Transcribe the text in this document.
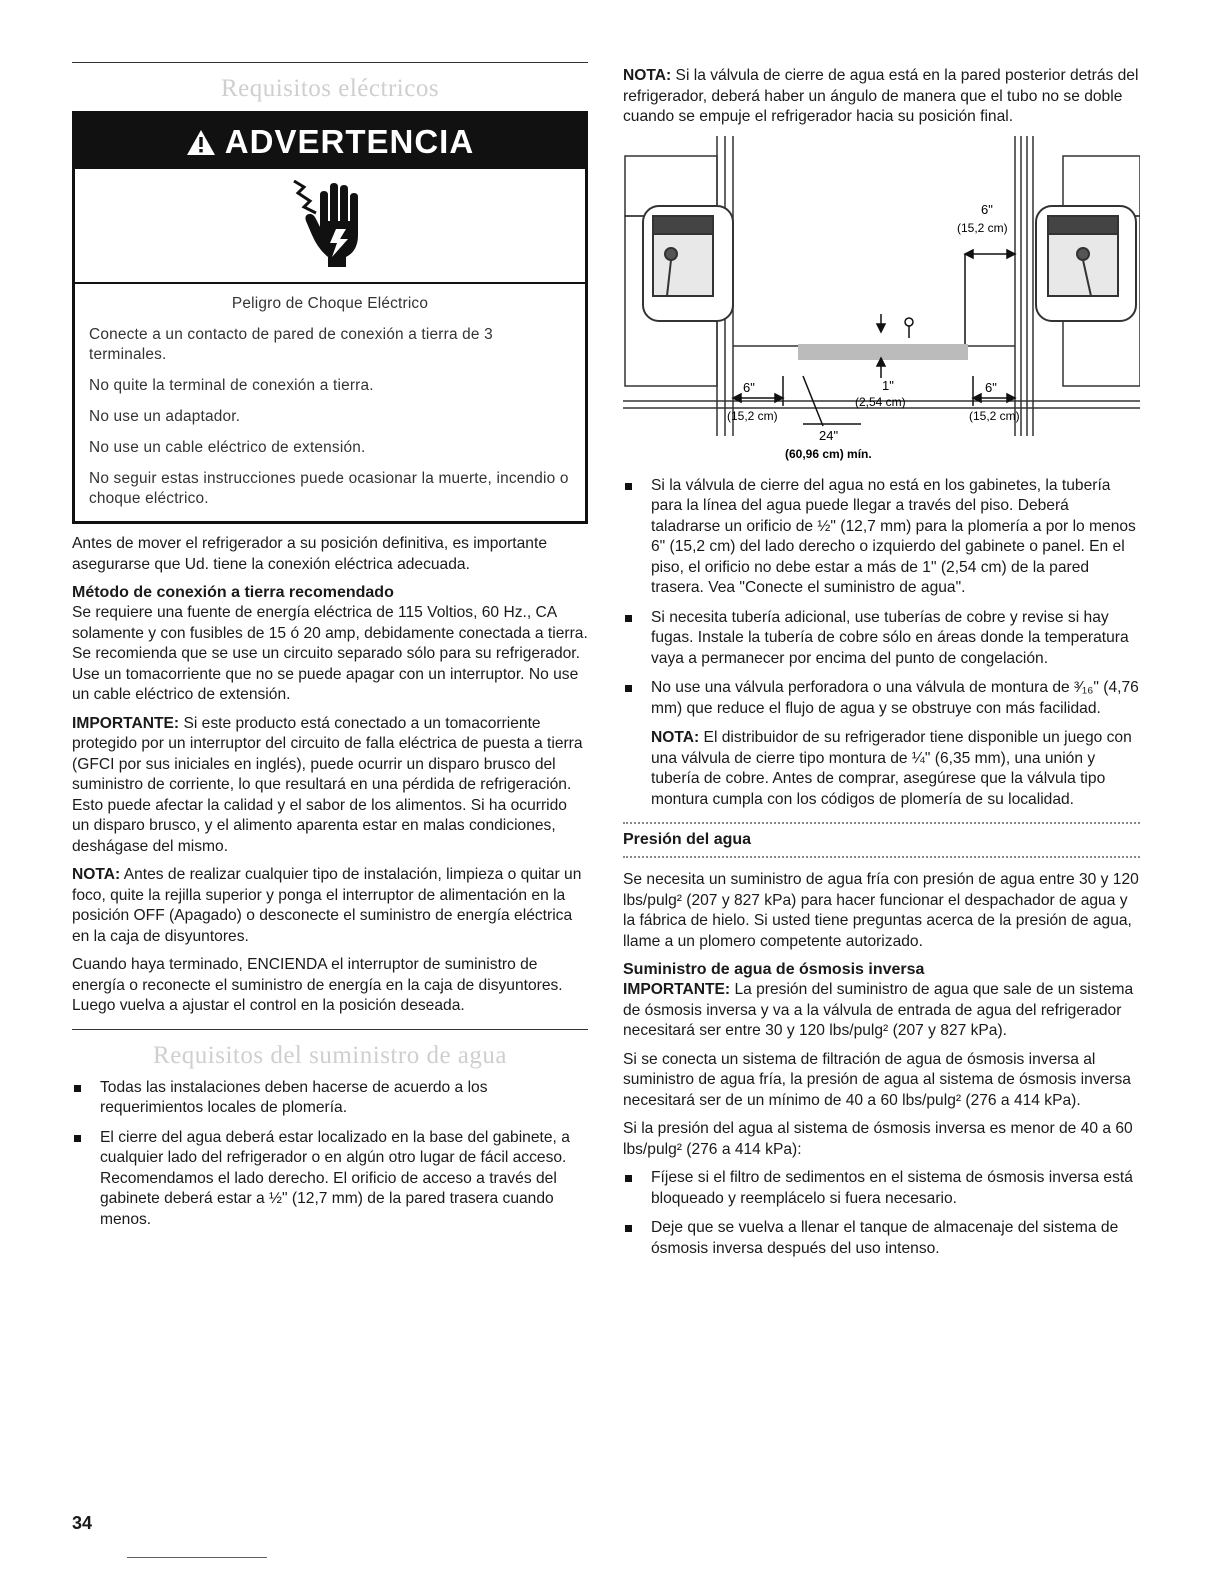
Requisitos eléctricos
ADVERTENCIA

Peligro de Choque Eléctrico

Conecte a un contacto de pared de conexión a tierra de 3 terminales.

No quite la terminal de conexión a tierra.

No use un adaptador.

No use un cable eléctrico de extensión.

No seguir estas instrucciones puede ocasionar la muerte, incendio o choque eléctrico.

Antes de mover el refrigerador a su posición definitiva, es importante asegurarse que Ud. tiene la conexión eléctrica adecuada.

Método de conexión a tierra recomendado

Se requiere una fuente de energía eléctrica de 115 Voltios, 60 Hz., CA solamente y con fusibles de 15 ó 20 amp, debidamente conectada a tierra. Se recomienda que se use un circuito separado sólo para su refrigerador. Use un tomacorriente que no se puede apagar con un interruptor. No use un cable eléctrico de extensión.

IMPORTANTE: Si este producto está conectado a un tomacorriente protegido por un interruptor del circuito de falla eléctrica de puesta a tierra (GFCI por sus iniciales en inglés), puede ocurrir un disparo brusco del suministro de corriente, lo que resultará en una pérdida de refrigeración. Esto puede afectar la calidad y el sabor de los alimentos. Si ha ocurrido un disparo brusco, y el alimento aparenta estar en malas condiciones, deshágase del mismo.

NOTA: Antes de realizar cualquier tipo de instalación, limpieza o quitar un foco, quite la rejilla superior y ponga el interruptor de alimentación en la posición OFF (Apagado) o desconecte el suministro de energía eléctrica en la caja de disyuntores.

Cuando haya terminado, ENCIENDA el interruptor de suministro de energía o reconecte el suministro de energía en la caja de disyuntores. Luego vuelva a ajustar el control en la posición deseada.

Requisitos del suministro de agua
Todas las instalaciones deben hacerse de acuerdo a los requerimientos locales de plomería.
El cierre del agua deberá estar localizado en la base del gabinete, a cualquier lado del refrigerador o en algún otro lugar de fácil acceso. Recomendamos el lado derecho. El orificio de acceso a través del gabinete deberá estar a ½" (12,7 mm) de la pared trasera cuando menos.

NOTA: Si la válvula de cierre de agua está en la pared posterior detrás del refrigerador, deberá haber un ángulo de manera que el tubo no se doble cuando se empuje el refrigerador hacia su posición final.

6"
(15,2 cm)
1"
(2,54 cm)
6"
(15,2 cm)
6"
(15,2 cm)
24"
(60,96 cm) mín.
Si la válvula de cierre del agua no está en los gabinetes, la tubería para la línea del agua puede llegar a través del piso. Deberá taladrarse un orificio de ½" (12,7 mm) para la plomería a por lo menos 6" (15,2 cm) del lado derecho o izquierdo del gabinete o panel. En el piso, el orificio no debe estar a más de 1" (2,54 cm) de la pared trasera. Vea "Conecte el suministro de agua".
Si necesita tubería adicional, use tuberías de cobre y revise si hay fugas. Instale la tubería de cobre sólo en áreas donde la temperatura vaya a permanecer por encima del punto de congelación.
No use una válvula perforadora o una válvula de montura de ³⁄₁₆" (4,76 mm) que reduce el flujo de agua y se obstruye con más facilidad.

NOTA: El distribuidor de su refrigerador tiene disponible un juego con una válvula de cierre tipo montura de ¼" (6,35 mm), una unión y tubería de cobre. Antes de comprar, asegúrese que la válvula tipo montura cumpla con los códigos de plomería de su localidad.

Presión del agua

Se necesita un suministro de agua fría con presión de agua entre 30 y 120 lbs/pulg² (207 y 827 kPa) para hacer funcionar el despachador de agua y la fábrica de hielo. Si usted tiene preguntas acerca de la presión de agua, llame a un plomero competente autorizado.

Suministro de agua de ósmosis inversa

IMPORTANTE: La presión del suministro de agua que sale de un sistema de ósmosis inversa y va a la válvula de entrada de agua del refrigerador necesitará ser entre 30 y 120 lbs/pulg² (207 y 827 kPa).

Si se conecta un sistema de filtración de agua de ósmosis inversa al suministro de agua fría, la presión de agua al sistema de ósmosis inversa necesitará ser de un mínimo de 40 a 60 lbs/pulg² (276 a 414 kPa).

Si la presión del agua al sistema de ósmosis inversa es menor de 40 a 60 lbs/pulg² (276 a 414 kPa):

Fíjese si el filtro de sedimentos en el sistema de ósmosis inversa está bloqueado y reemplácelo si fuera necesario.
Deje que se vuelva a llenar el tanque de almacenaje del sistema de ósmosis inversa después del uso intenso.
34
